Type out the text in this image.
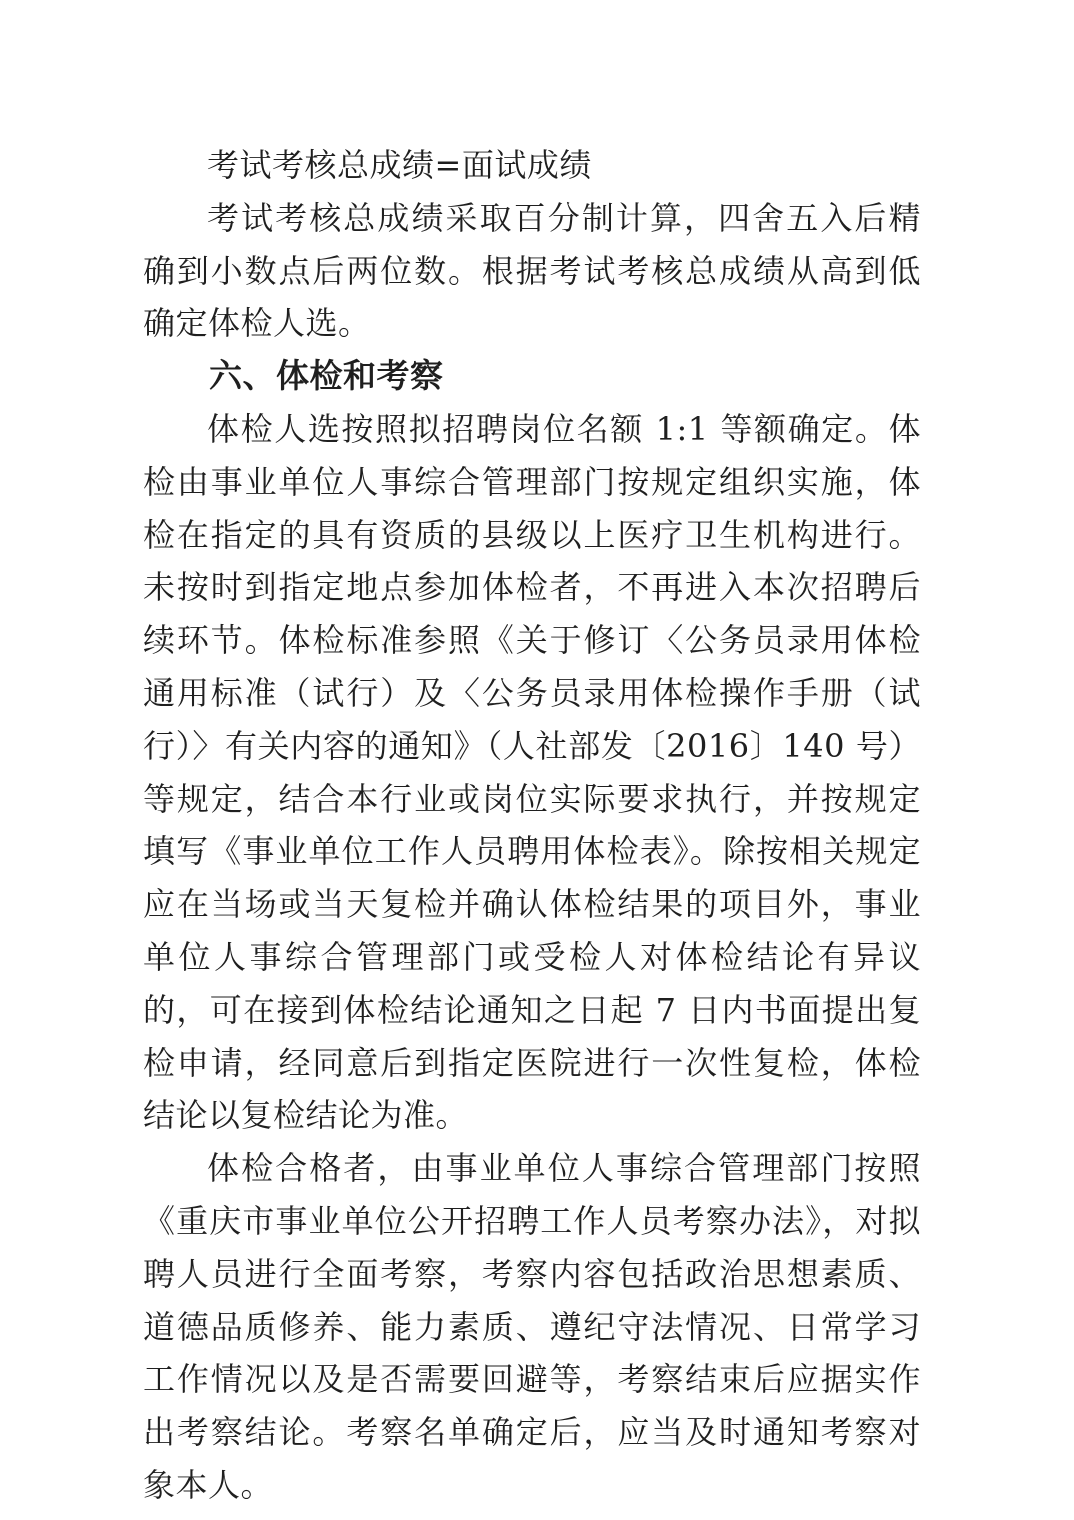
考试考核总成绩=面试成绩

考试考核总成绩采取百分制计算，四舍五入后精确到小数点后两位数。根据考试考核总成绩从高到低确定体检人选。

六、体检和考察

体检人选按照拟招聘岗位名额 1:1 等额确定。体检由事业单位人事综合管理部门按规定组织实施，体检在指定的具有资质的县级以上医疗卫生机构进行。未按时到指定地点参加体检者，不再进入本次招聘后续环节。体检标准参照《关于修订〈公务员录用体检通用标准（试行）及〈公务员录用体检操作手册（试行）〉有关内容的通知》（人社部发〔2016〕140 号）等规定，结合本行业或岗位实际要求执行，并按规定填写《事业单位工作人员聘用体检表》。除按相关规定应在当场或当天复检并确认体检结果的项目外，事业单位人事综合管理部门或受检人对体检结论有异议的，可在接到体检结论通知之日起 7 日内书面提出复检申请，经同意后到指定医院进行一次性复检，体检结论以复检结论为准。

体检合格者，由事业单位人事综合管理部门按照《重庆市事业单位公开招聘工作人员考察办法》，对拟聘人员进行全面考察，考察内容包括政治思想素质、道德品质修养、能力素质、遵纪守法情况、日常学习工作情况以及是否需要回避等，考察结束后应据实作出考察结论。考察名单确定后，应当及时通知考察对象本人。
